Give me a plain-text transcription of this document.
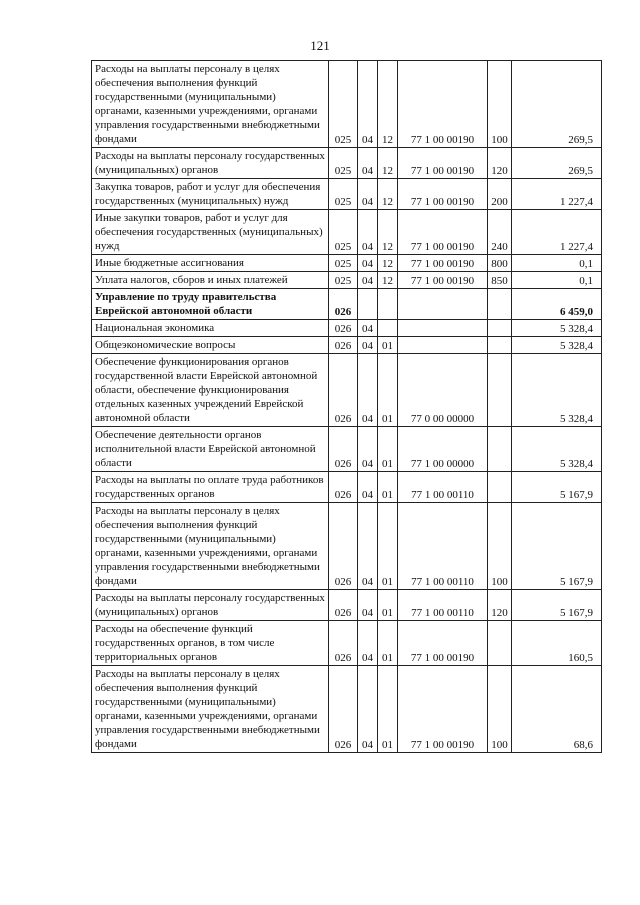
121
Расходы на выплаты персоналу в целях обеспечения выполнения функций государственными (муниципальными) органами, казенными учреждениями, органами управления государственными внебюджетными фондами	025	04	12	77 1 00 00190	100	269,5
Расходы на выплаты персоналу государственных (муниципальных) органов	025	04	12	77 1 00 00190	120	269,5
Закупка товаров, работ и услуг для обеспечения государственных (муниципальных) нужд	025	04	12	77 1 00 00190	200	1 227,4
Иные закупки товаров, работ и услуг для обеспечения государственных (муниципальных) нужд	025	04	12	77 1 00 00190	240	1 227,4
Иные бюджетные ассигнования	025	04	12	77 1 00 00190	800	0,1
Уплата налогов, сборов и иных платежей	025	04	12	77 1 00 00190	850	0,1
Управление по труду правительства Еврейской автономной области	026					6 459,0
Национальная экономика	026	04				5 328,4
Общеэкономические вопросы	026	04	01			5 328,4
Обеспечение функционирования органов государственной власти Еврейской автономной области, обеспечение функционирования отдельных казенных учреждений Еврейской автономной области	026	04	01	77 0 00 00000		5 328,4
Обеспечение деятельности органов исполнительной власти Еврейской автономной области	026	04	01	77 1 00 00000		5 328,4
Расходы на выплаты по оплате труда работников государственных органов	026	04	01	77 1 00 00110		5 167,9
Расходы на выплаты персоналу в целях обеспечения выполнения функций государственными (муниципальными) органами, казенными учреждениями, органами управления государственными внебюджетными фондами	026	04	01	77 1 00 00110	100	5 167,9
Расходы на выплаты персоналу государственных (муниципальных) органов	026	04	01	77 1 00 00110	120	5 167,9
Расходы на обеспечение функций государственных органов, в том числе территориальных органов	026	04	01	77 1 00 00190		160,5
Расходы на выплаты персоналу в целях обеспечения выполнения функций государственными (муниципальными) органами, казенными учреждениями, органами управления государственными внебюджетными фондами	026	04	01	77 1 00 00190	100	68,6
